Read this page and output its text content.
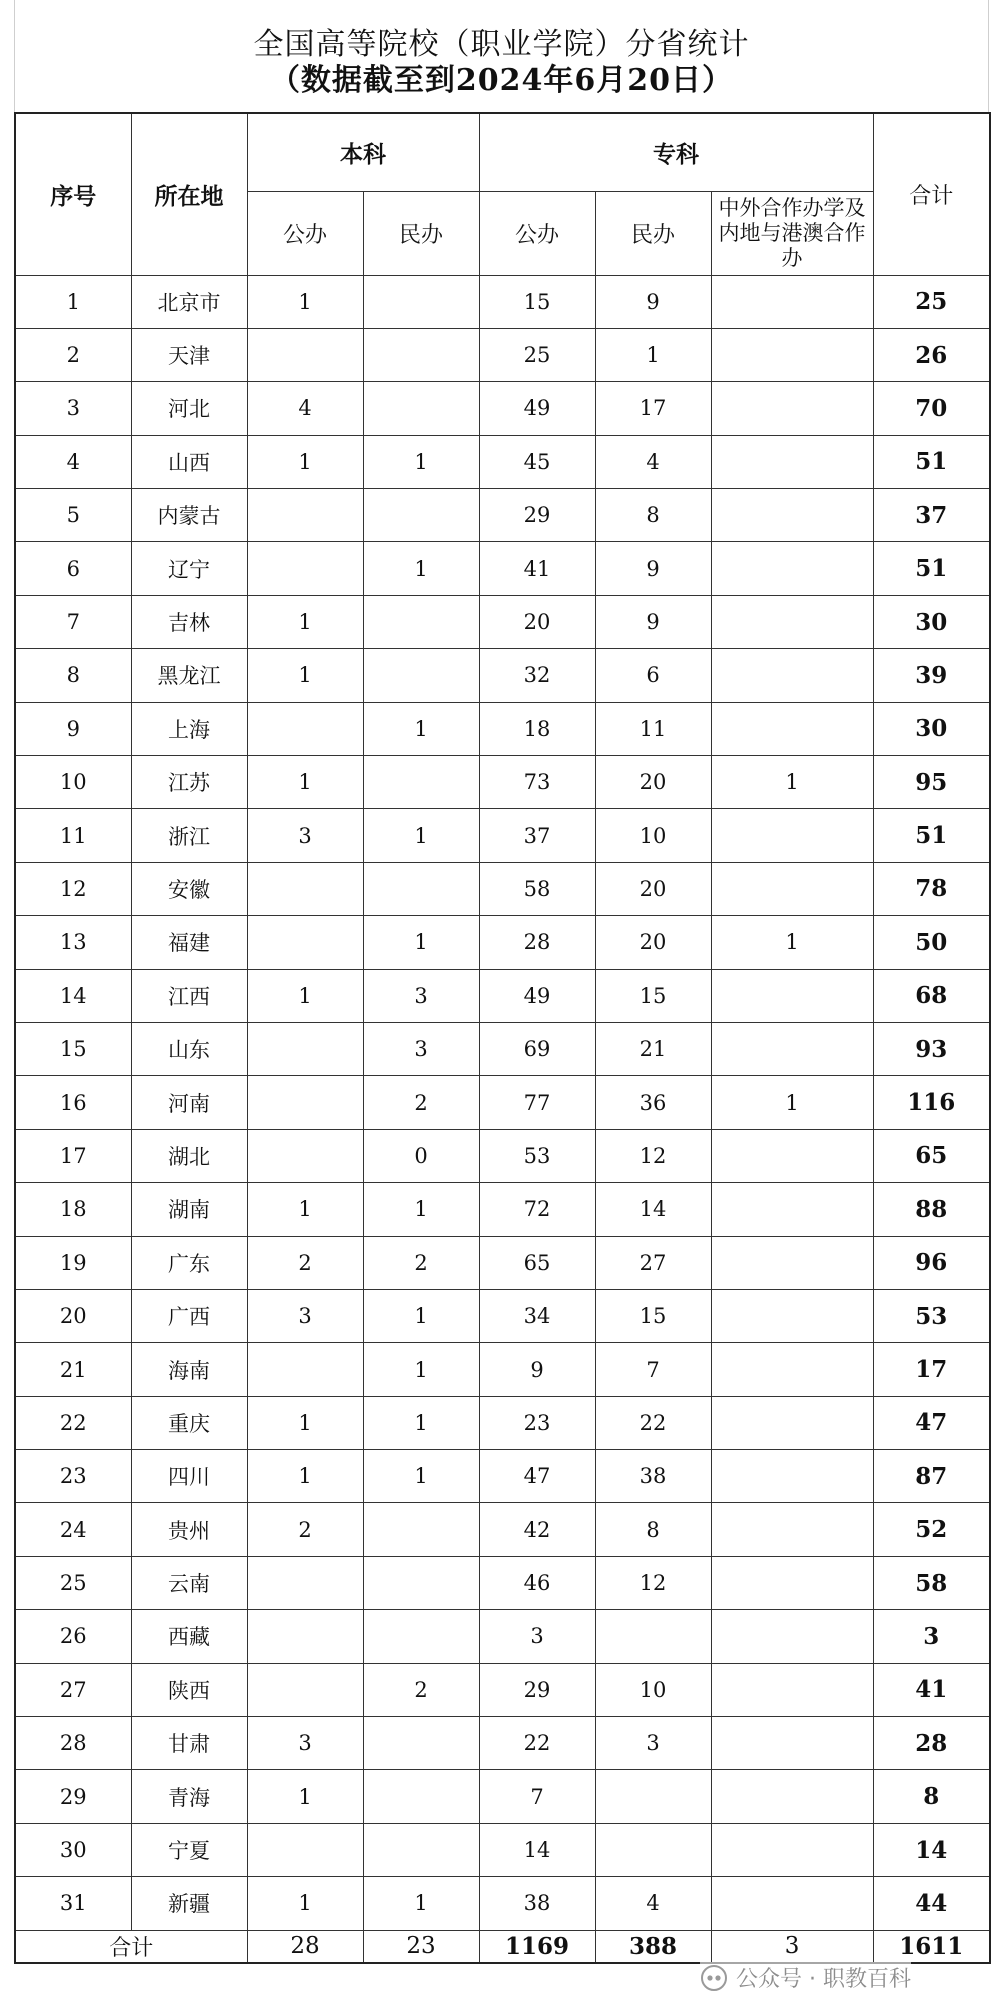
全国高等院校（职业学院）分省统计
（数据截至到2024年6月20日）
序号	所在地	本科		专科			合计
		公办	民办	公办	民办	中外合作办学及内地与港澳合作办	
1	北京市	1		15	9		25
2	天津			25	1		26
3	河北	4		49	17		70
4	山西	1	1	45	4		51
5	内蒙古			29	8		37
6	辽宁		1	41	9		51
7	吉林	1		20	9		30
8	黑龙江	1		32	6		39
9	上海		1	18	11		30
10	江苏	1		73	20	1	95
11	浙江	3	1	37	10		51
12	安徽			58	20		78
13	福建		1	28	20	1	50
14	江西	1	3	49	15		68
15	山东		3	69	21		93
16	河南		2	77	36	1	116
17	湖北		0	53	12		65
18	湖南	1	1	72	14		88
19	广东	2	2	65	27		96
20	广西	3	1	34	15		53
21	海南		1	9	7		17
22	重庆	1	1	23	22		47
23	四川	1	1	47	38		87
24	贵州	2		42	8		52
25	云南			46	12		58
26	西藏			3			3
27	陕西		2	29	10		41
28	甘肃	3		22	3		28
29	青海	1		7			8
30	宁夏			14			14
31	新疆	1	1	38	4		44
合计		28	23	1169	388	3	1611
公众号 · 职教百科
